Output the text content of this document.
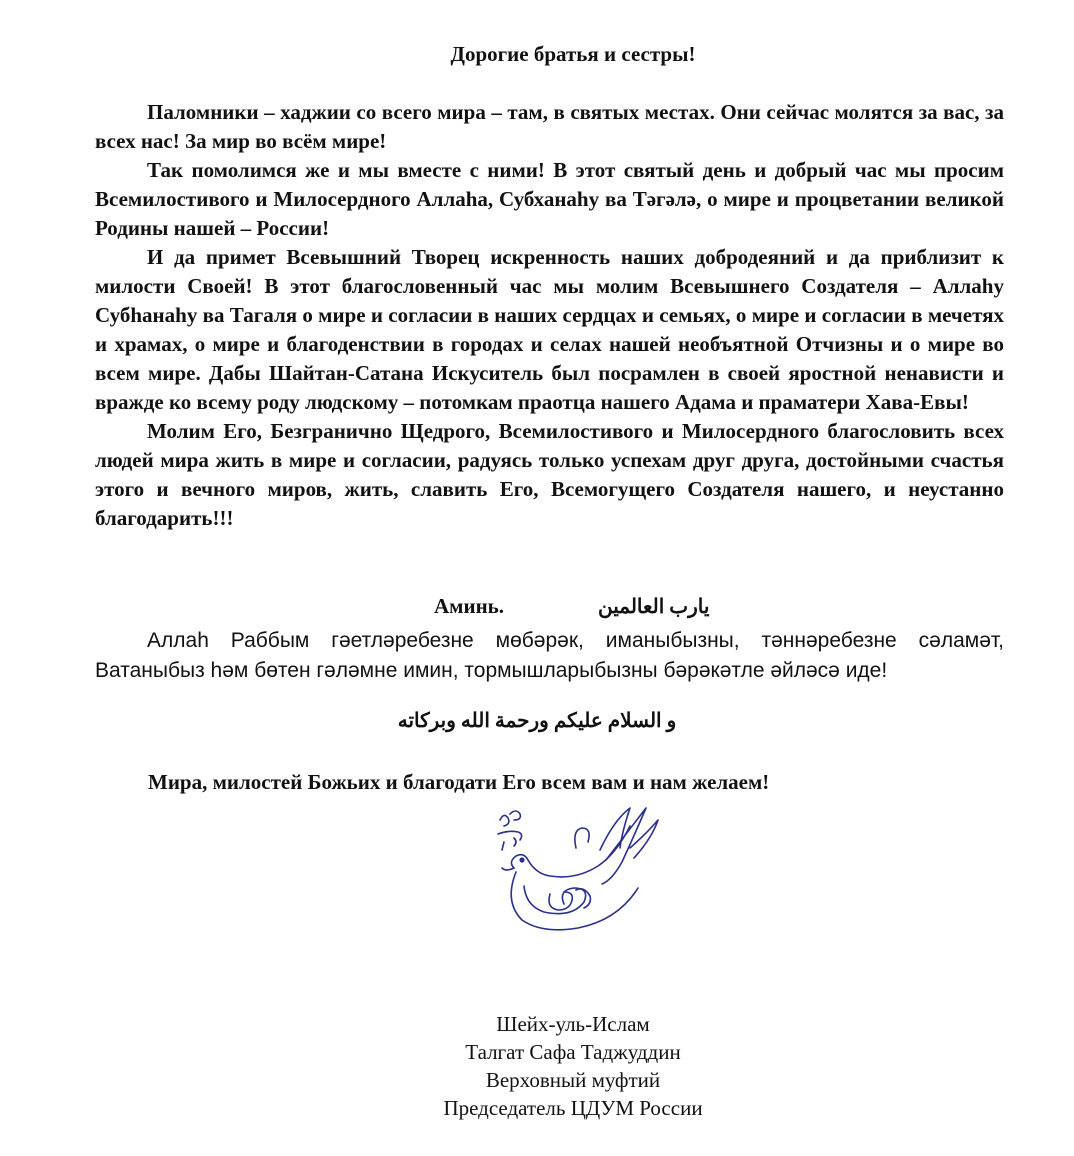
Дорогие братья и сестры!

Паломники – хаджии со всего мира – там, в святых местах. Они сейчас молятся за вас, за всех нас! За мир во всём мире!

Так помолимся же и мы вместе с ними! В этот святый день и добрый час мы просим Всемилостивого и Милосердного Аллаhа, Субханаhу ва Тәгәлә, о мире и процветании великой Родины нашей – России!

И да примет Всевышний Творец искренность наших добродеяний и да приблизит к милости Своей! В этот благословенный час мы молим Всевышнего Создателя – Аллаhу Субhанаhу ва Тагаля о мире и согласии в наших сердцах и семьях, о мире и согласии в мечетях и храмах, о мире и благоденствии в городах и селах нашей необъятной Отчизны и о мире во всем мире. Дабы Шайтан-Сатана Искуситель был посрамлен в своей яростной ненависти и вражде ко всему роду людскому – потомкам праотца нашего Адама и праматери Хава-Евы!

Молим Его, Безгранично Щедрого, Всемилостивого и Милосердного благословить всех людей мира жить в мире и согласии, радуясь только успехам друг друга, достойными счастья этого и вечного миров, жить, славить Его, Всемогущего Создателя нашего, и неустанно благодарить!!!

Аминь.	يارب العالمين

Аллаh Раббым гәетләребезне мөбәрәк, иманыбызны, тәннәребезне сәламәт, Ватаныбыз һәм бөтен гәләмне имин, тормышларыбызны бәрәкәтле әйләсә иде!

و السلام عليكم ورحمة الله وبركاته
Мира, милостей Божьих и благодати Его всем вам и нам желаем!
Шейх-уль-Ислам
Талгат Сафа Таджуддин
Верховный муфтий
Председатель ЦДУМ России
